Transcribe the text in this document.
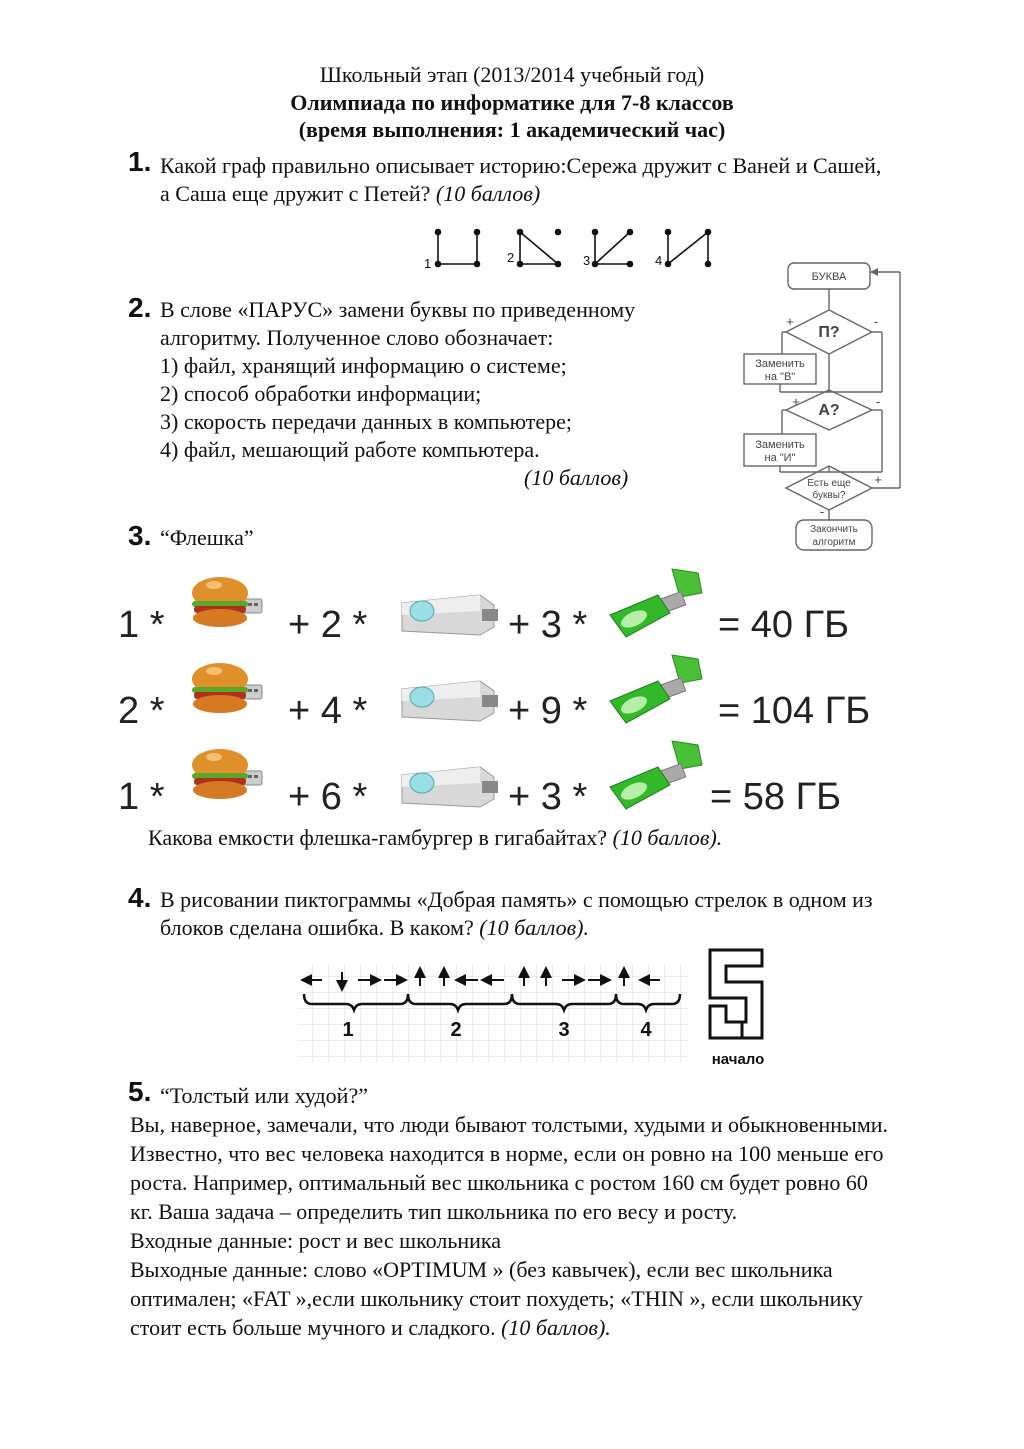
Школьный этап (2013/2014 учебный год)
Олимпиада по информатике для 7-8 классов
(время выполнения: 1 академический час)
1. Какой граф правильно описывает историю:Сережа дружит с Ваней и Сашей,
а Саша еще дружит с Петей? (10 баллов)
1	2	3	4
2. В слове «ПАРУС» замени буквы по приведенному
алгоритму. Полученное слово обозначает:
1) файл, хранящий информацию о системе;
2) способ обработки информации;
3) скорость передачи данных в компьютере;
4) файл, мешающий работе компьютера.
(10 баллов)
БУКВА
П?
А?
Заменить
на "В"
Заменить
на "И"
Есть еще
буквы?
Закончить
алгоритм
+	-
+	-
+
-
3. “Флешка”
1 *	+ 2 *	+ 3 *	= 40 ГБ
2 *	+ 4 *	+ 9 *	= 104 ГБ
1 *	+ 6 *	+ 3 *	= 58 ГБ
Какова емкости флешка-гамбургер в гигабайтах? (10 баллов).
4. В рисовании пиктограммы «Добрая память» с помощью стрелок в одном из
блоков сделана ошибка. В каком? (10 баллов).
1	2	3	4
начало
5. “Толстый или худой?”
Вы, наверное, замечали, что люди бывают толстыми, худыми и обыкновенными.
Известно, что вес человека находится в норме, если он ровно на 100 меньше его
роста. Например, оптимальный вес школьника с ростом 160 см будет ровно 60
кг. Ваша задача – определить тип школьника по его весу и росту.
Входные данные: рост и вес школьника
Выходные данные: слово «OPTIMUM » (без кавычек), если вес школьника
оптимален; «FAT »,если школьнику стоит похудеть; «THIN », если школьнику
стоит есть больше мучного и сладкого. (10 баллов).
